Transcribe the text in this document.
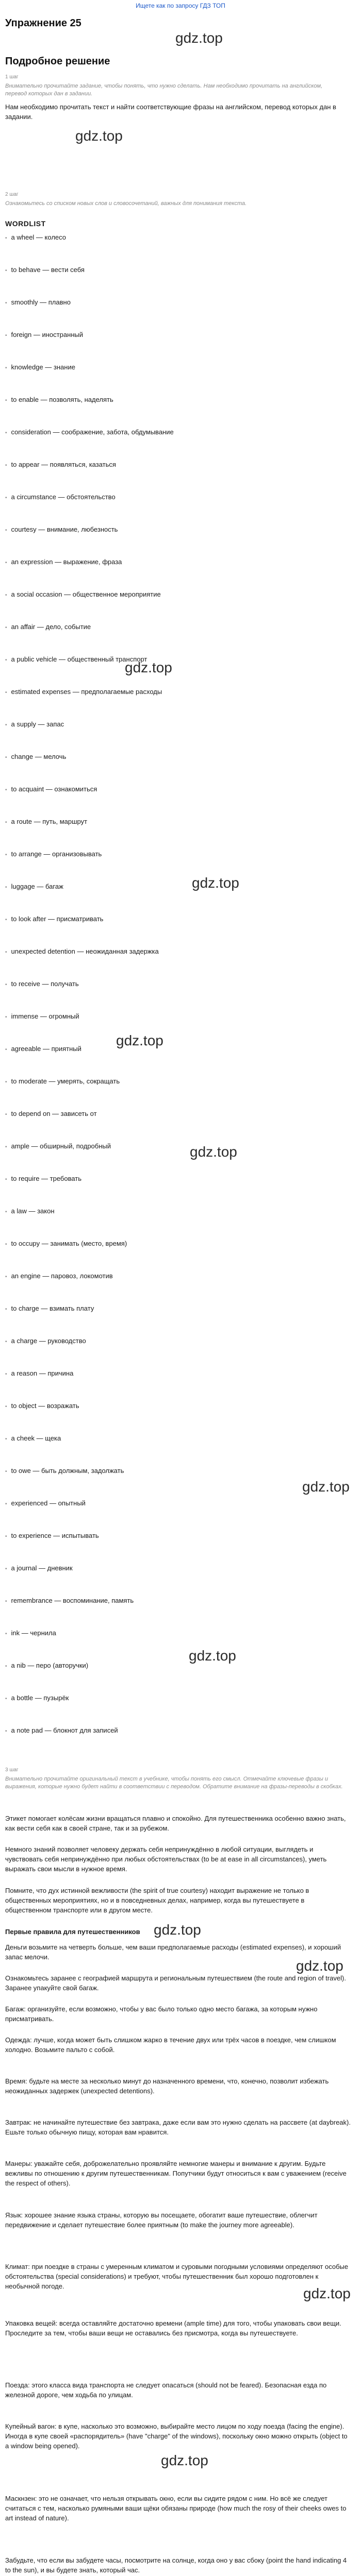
Ищете как по запросу ГДЗ ТОП
Упражнение 25
Подробное решение
1 шаг

Внимательно прочитайте задание, чтобы понять, что нужно сделать. Нам необходимо прочитать на английском, перевод которых дан в задании.

Нам необходимо прочитать текст и найти соответствующие фразы на английском, перевод которых дан в задании.

2 шаг

Ознакомьтесь со списком новых слов и словосочетаний, важных для понимания текста.

WORDLIST
• a wheel — колесо
• to behave — вести себя
• smoothly — плавно
• foreign — иностранный
• knowledge — знание
• to enable — позволять, наделять
• consideration — соображение, забота, обдумывание
• to appear — появляться, казаться
• a circumstance — обстоятельство
• courtesy — внимание, любезность
• an expression — выражение, фраза
• a social occasion — общественное мероприятие
• an affair — дело, событие
• a public vehicle — общественный транспорт
• estimated expenses — предполагаемые расходы
• a supply — запас
• change — мелочь
• to acquaint — ознакомиться
• a route — путь, маршрут
• to arrange — организовывать
• luggage — багаж
• to look after — присматривать
• unexpected detention — неожиданная задержка
• to receive — получать
• immense — огромный
• agreeable — приятный
• to moderate — умерять, сокращать
• to depend on — зависеть от
• ample — обширный, подробный
• to require — требовать
• a law — закон
• to occupy — занимать (место, время)
• an engine — паровоз, локомотив
• to charge — взимать плату
• a charge — руководство
• a reason — причина
• to object — возражать
• a cheek — щека
• to owe — быть должным, задолжать
• experienced — опытный
• to experience — испытывать
• a journal — дневник
• remembrance — воспоминание, память
• ink — чернила
• a nib — перо (авторучки)
• a bottle — пузырёк
• a note pad — блокнот для записей
3 шаг

Внимательно прочитайте оригинальный текст в учебнике, чтобы понять его смысл. Отмечайте ключевые фразы и выражения, которые нужно будет найти в соответствии с переводом. Обратите внимание на фразы-переводы в скобках.

Этикет помогает колёсам жизни вращаться плавно и спокойно. Для путешественника особенно важно знать, как вести себя как в своей стране, так и за рубежом.

Немного знаний позволяет человеку держать себя непринуждённо в любой ситуации, выглядеть и чувствовать себя непринуждённо при любых обстоятельствах (to be at ease in all circumstances), уметь выражать свои мысли в нужное время.

Помните, что дух истинной вежливости (the spirit of true courtesy) находит выражение не только в общественных мероприятиях, но и в повседневных делах, например, когда вы путешествуете в общественном транспорте или в другом месте.

Первые правила для путешественников

Деньги возьмите на четверть больше, чем ваши предполагаемые расходы (estimated expenses), и хороший запас мелочи.

Ознакомьтесь заранее с географией маршрута и региональным путешествием (the route and region of travel). Заранее упакуйте свой багаж.

Багаж: организуйте, если возможно, чтобы у вас было только одно место багажа, за которым нужно присматривать.

Одежда: лучше, когда может быть слишком жарко в течение двух или трёх часов в поездке, чем слишком холодно. Возьмите пальто с собой.

Время: будьте на месте за несколько минут до назначенного времени, что, конечно, позволит избежать неожиданных задержек (unexpected detentions).

Завтрак: не начинайте путешествие без завтрака, даже если вам это нужно сделать на рассвете (at daybreak). Ешьте только обычную пищу, которая вам нравится.

Манеры: уважайте себя, доброжелательно проявляйте немногие манеры и внимание к другим. Будьте вежливы по отношению к другим путешественникам. Попутчики будут относиться к вам с уважением (receive the respect of others).

Язык: хорошее знание языка страны, которую вы посещаете, обогатит ваше путешествие, облегчит передвижение и сделает путешествие более приятным (to make the journey more agreeable).

Климат: при поездке в страны с умеренным климатом и суровыми погодными условиями определяют особые обстоятельства (special considerations) и требуют, чтобы путешественник был хорошо подготовлен к необычной погоде.

Упаковка вещей: всегда оставляйте достаточно времени (ample time) для того, чтобы упаковать свои вещи. Проследите за тем, чтобы ваши вещи не оставались без присмотра, когда вы путешествуете.

Поезда: этого класса вида транспорта не следует опасаться (should not be feared). Безопасная езда по железной дороге, чем ходьба по улицам.

Купейный вагон: в купе, насколько это возможно, выбирайте место лицом по ходу поезда (facing the engine). Иногда в купе своей «распорядитель» (have "charge" of the windows), поскольку окно можно открыть (object to a window being opened).

Маскнзен: это не означает, что нельзя открывать окно, если вы сидите рядом с ним. Но всё же следует считаться с тем, насколько румяными ваши щёки обязаны природе (how much the rosy of their cheeks owes to art instead of nature).

Забудьте, что если вы забудете часы, посмотрите на солнце, когда оно у вас сбоку (point the hand indicating 4 to the sun), и вы будете знать, который час.

gdz.top
gdz.top
gdz.top
gdz.top
gdz.top
gdz.top
gdz.top
gdz.top
gdz.top
gdz.top
gdz.top
gdz.top
